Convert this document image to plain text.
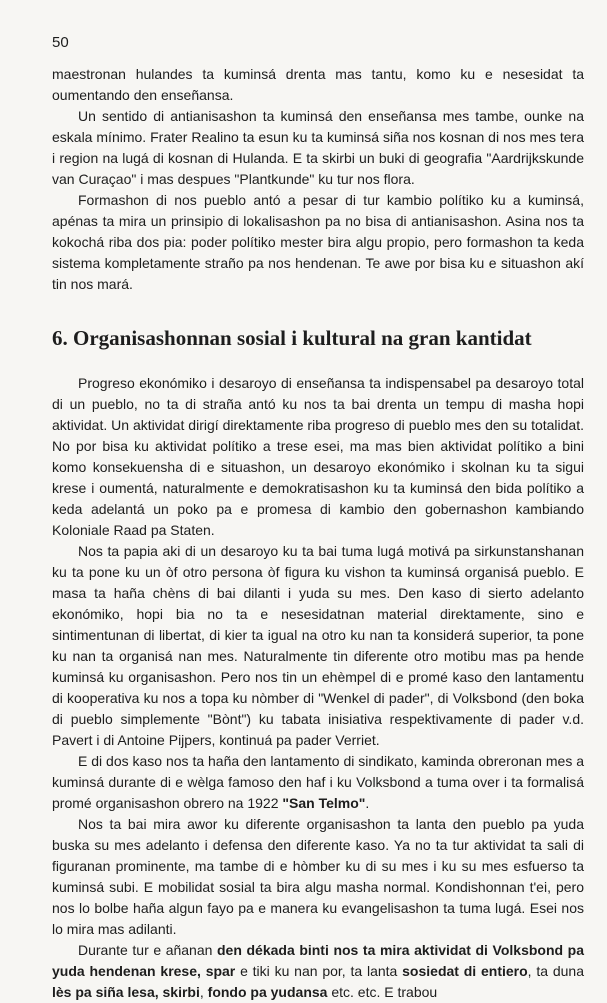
50

maestronan hulandes ta kuminsá drenta mas tantu, komo ku e nesesidat ta oumentando den enseñansa.

Un sentido di antianisashon ta kuminsá den enseñansa mes tambe, ounke na eskala mínimo. Frater Realino ta esun ku ta kuminsá siña nos kosnan di nos mes tera i region na lugá di kosnan di Hulanda. E ta skirbi un buki di geografia "Aardrijkskunde van Curaçao" i mas despues "Plantkunde" ku tur nos flora.

Formashon di nos pueblo antó a pesar di tur kambio polítiko ku a kuminsá, apénas ta mira un prinsipio di lokalisashon pa no bisa di antianisashon. Asina nos ta kokochá riba dos pia: poder polítiko mester bira algu propio, pero formashon ta keda sistema kompletamente straño pa nos hendenan. Te awe por bisa ku e situashon akí tin nos mará.

6. Organisashonnan sosial i kultural na gran kantidat

Progreso ekonómiko i desaroyo di enseñansa ta indispensabel pa desaroyo total di un pueblo, no ta di straña antó ku nos ta bai drenta un tempu di masha hopi aktividat. Un aktividat dirigí direktamente riba progreso di pueblo mes den su totalidat. No por bisa ku aktividat polítiko a trese esei, ma mas bien aktividat polítiko a bini komo konsekuensha di e situashon, un desaroyo ekonómiko i skolnan ku ta sigui krese i oumentá, naturalmente e demokratisashon ku ta kuminsá den bida polítiko a keda adelantá un poko pa e promesa di kambio den gobernashon kambiando Koloniale Raad pa Staten.

Nos ta papia aki di un desaroyo ku ta bai tuma lugá motivá pa sirkunstanshanan ku ta pone ku un òf otro persona òf figura ku vishon ta kuminsá organisá pueblo. E masa ta haña chèns di bai dilanti i yuda su mes. Den kaso di sierto adelanto ekonómiko, hopi bia no ta e nesesidatnan material direktamente, sino e sintimentunan di libertat, di kier ta igual na otro ku nan ta konsiderá superior, ta pone ku nan ta organisá nan mes. Naturalmente tin diferente otro motibu mas pa hende kuminsá ku organisashon. Pero nos tin un ehèmpel di e promé kaso den lantamentu di kooperativa ku nos a topa ku nòmber di "Wenkel di pader", di Volksbond (den boka di pueblo simplemente "Bònt") ku tabata inisiativa respektivamente di pader v.d. Pavert i di Antoine Pijpers, kontinuá pa pader Verriet.

E di dos kaso nos ta haña den lantamento di sindikato, kaminda obreronan mes a kuminsá durante di e wèlga famoso den haf i ku Volksbond a tuma over i ta formalisá promé organisashon obrero na 1922 "San Telmo".

Nos ta bai mira awor ku diferente organisashon ta lanta den pueblo pa yuda buska su mes adelanto i defensa den diferente kaso. Ya no ta tur aktividat ta sali di figuranan prominente, ma tambe di e hòmber ku di su mes i ku su mes esfuerso ta kuminsá subi. E mobilidat sosial ta bira algu masha normal. Kondishonnan t'ei, pero nos lo bolbe haña algun fayo pa e manera ku evangelisashon ta tuma lugá. Esei nos lo mira mas adilanti.

Durante tur e añanan den dékada binti nos ta mira aktividat di Volksbond pa yuda hendenan krese, spar e tiki ku nan por, ta lanta sosiedat di entiero, ta duna lès pa siña lesa, skirbi, fondo pa yudansa etc. etc. E trabou
